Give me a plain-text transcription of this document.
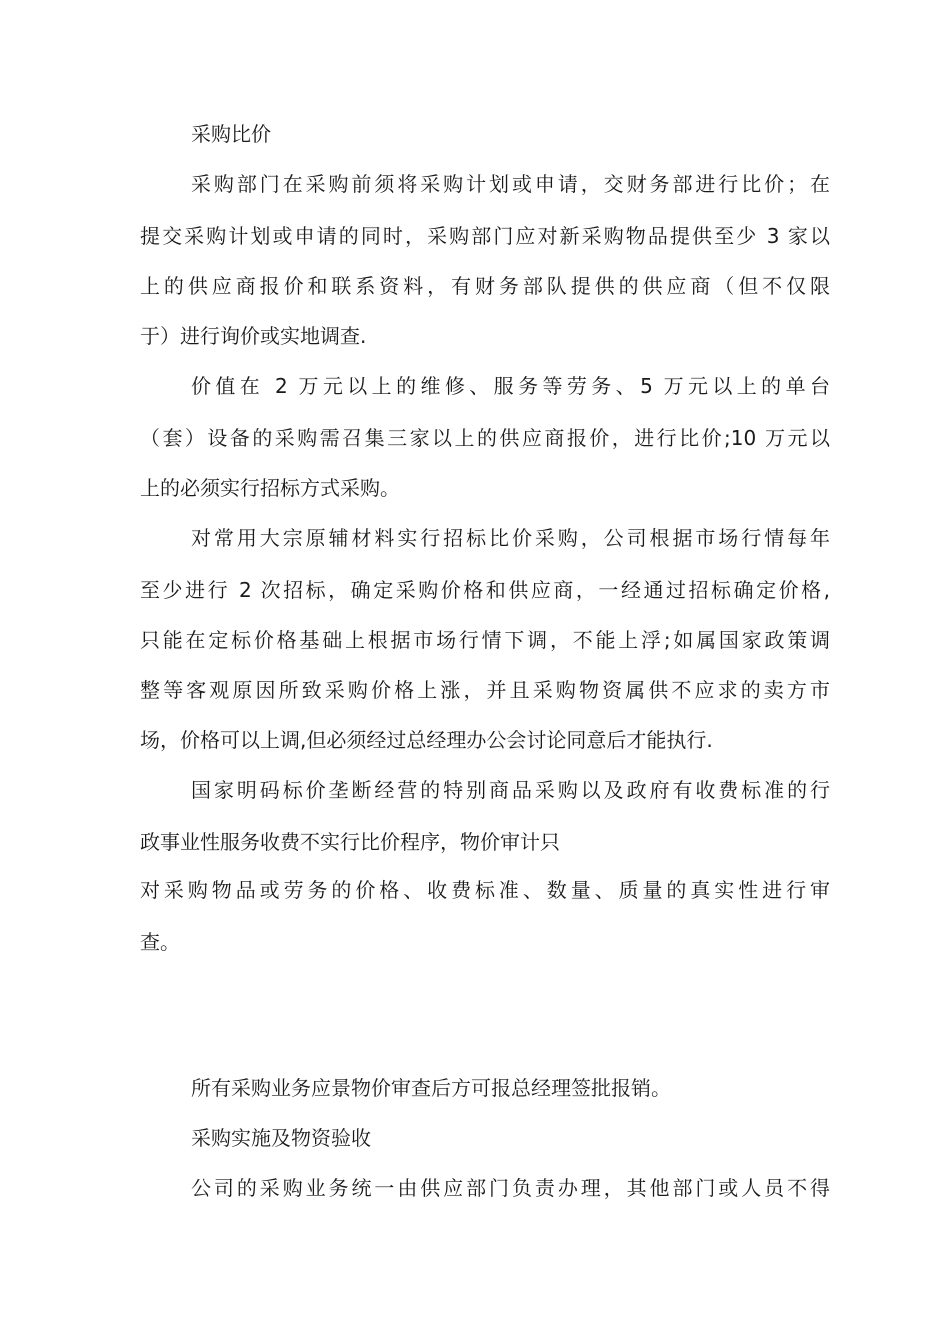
采购比价
采购部门在采购前须将采购计划或申请，交财务部进行比价；在
提交采购计划或申请的同时，采购部门应对新采购物品提供至少 3 家以
上的供应商报价和联系资料，有财务部队提供的供应商（但不仅限
于）进行询价或实地调查.
价值在 2 万元以上的维修、服务等劳务、5 万元以上的单台
（套）设备的采购需召集三家以上的供应商报价，进行比价;10 万元以
上的必须实行招标方式采购。
对常用大宗原辅材料实行招标比价采购，公司根据市场行情每年
至少进行 2 次招标，确定采购价格和供应商，一经通过招标确定价格,
只能在定标价格基础上根据市场行情下调，不能上浮;如属国家政策调
整等客观原因所致采购价格上涨，并且采购物资属供不应求的卖方市
场，价格可以上调,但必须经过总经理办公会讨论同意后才能执行.
国家明码标价垄断经营的特别商品采购以及政府有收费标准的行
政事业性服务收费不实行比价程序，物价审计只
对采购物品或劳务的价格、收费标准、数量、质量的真实性进行审
查。
所有采购业务应景物价审查后方可报总经理签批报销。
采购实施及物资验收
公司的采购业务统一由供应部门负责办理，其他部门或人员不得
